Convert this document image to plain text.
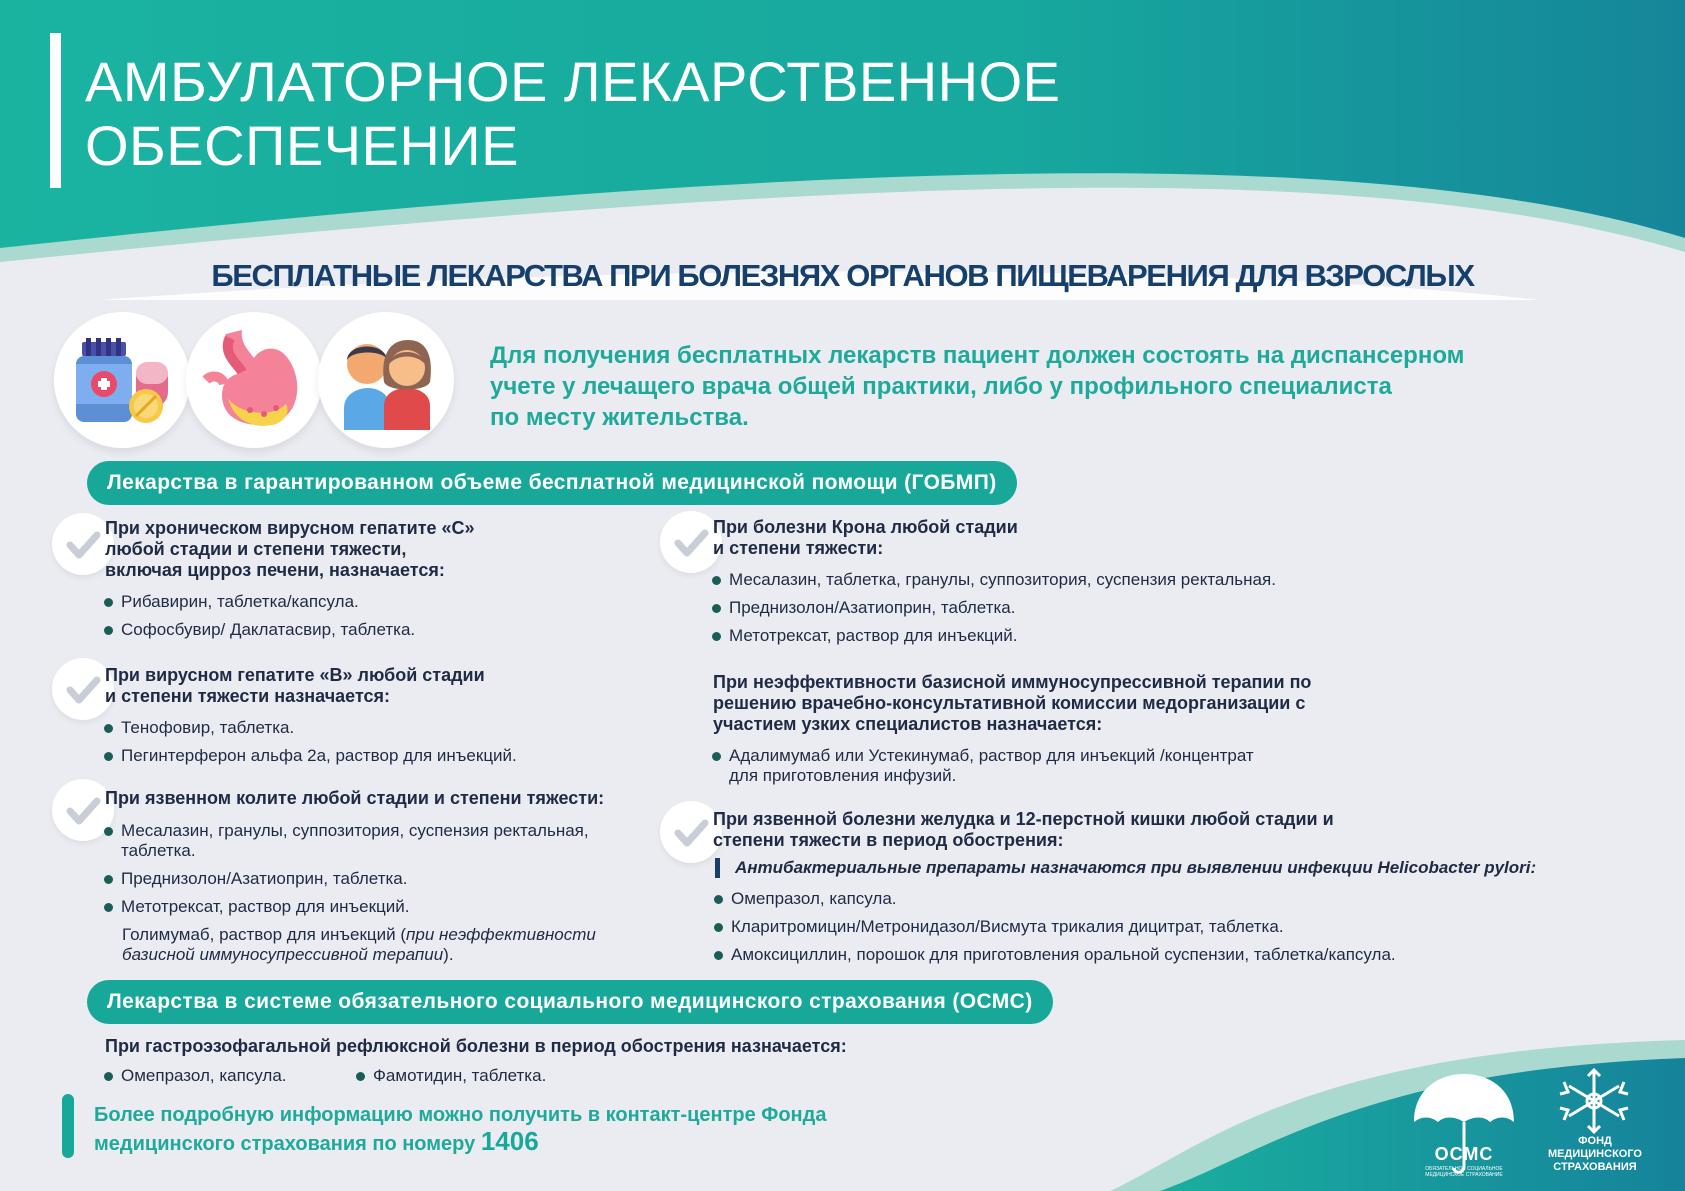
АМБУЛАТОРНОЕ ЛЕКАРСТВЕННОЕ
ОБЕСПЕЧЕНИЕ
БЕСПЛАТНЫЕ ЛЕКАРСТВА ПРИ БОЛЕЗНЯХ ОРГАНОВ ПИЩЕВАРЕНИЯ ДЛЯ ВЗРОСЛЫХ
Для получения бесплатных лекарств пациент должен состоять на диспансерном
учете у лечащего врача общей практики, либо у профильного специалиста
по месту жительства.
Лекарства в гарантированном объеме бесплатной медицинской помощи (ГОБМП)
При хроническом вирусном гепатите «С»
любой стадии и степени тяжести,
включая цирроз печени, назначается:
Рибавирин, таблетка/капсула.
Софосбувир/ Даклатасвир, таблетка.
При вирусном гепатите «В» любой стадии
и степени тяжести назначается:
Тенофовир, таблетка.
Пегинтерферон альфа 2а, раствор для инъекций.
При язвенном колите любой стадии и степени тяжести:
Месалазин, гранулы, суппозитория, суспензия ректальная,
таблетка.
Преднизолон/Азатиоприн, таблетка.
Метотрексат, раствор для инъекций.
Голимумаб, раствор для инъекций (при неэффективности
базисной иммуносупрессивной терапии).
При болезни Крона любой стадии
и степени тяжести:
Месалазин, таблетка, гранулы, суппозитория, суспензия ректальная.
Преднизолон/Азатиоприн, таблетка.
Метотрексат, раствор для инъекций.
При неэффективности базисной иммуносупрессивной терапии по
решению врачебно-консультативной комиссии медорганизации с
участием узких специалистов назначается:
Адалимумаб или Устекинумаб, раствор для инъекций /концентрат
для приготовления инфузий.
При язвенной болезни желудка и 12-перстной кишки любой стадии и
степени тяжести в период обострения:
Антибактериальные препараты назначаются при выявлении инфекции Helicobacter pylori:
Омепразол, капсула.
Кларитромицин/Метронидазол/Висмута трикалия дицитрат, таблетка.
Амоксициллин, порошок для приготовления оральной суспензии, таблетка/капсула.
Лекарства в системе обязательного социального медицинского страхования (ОСМС)
При гастроэзофагальной рефлюксной болезни в период обострения назначается:
Омепразол, капсула.	Фамотидин, таблетка.
Более подробную информацию можно получить в контакт-центре Фонда
медицинского страхования по номеру 1406	ОСМС
ОБЯЗАТЕЛЬНОЕ СОЦИАЛЬНОЕ МЕДИЦИНСКОЕ СТРАХОВАНИЕ
ФОНД
МЕДИЦИНСКОГО
СТРАХОВАНИЯ
